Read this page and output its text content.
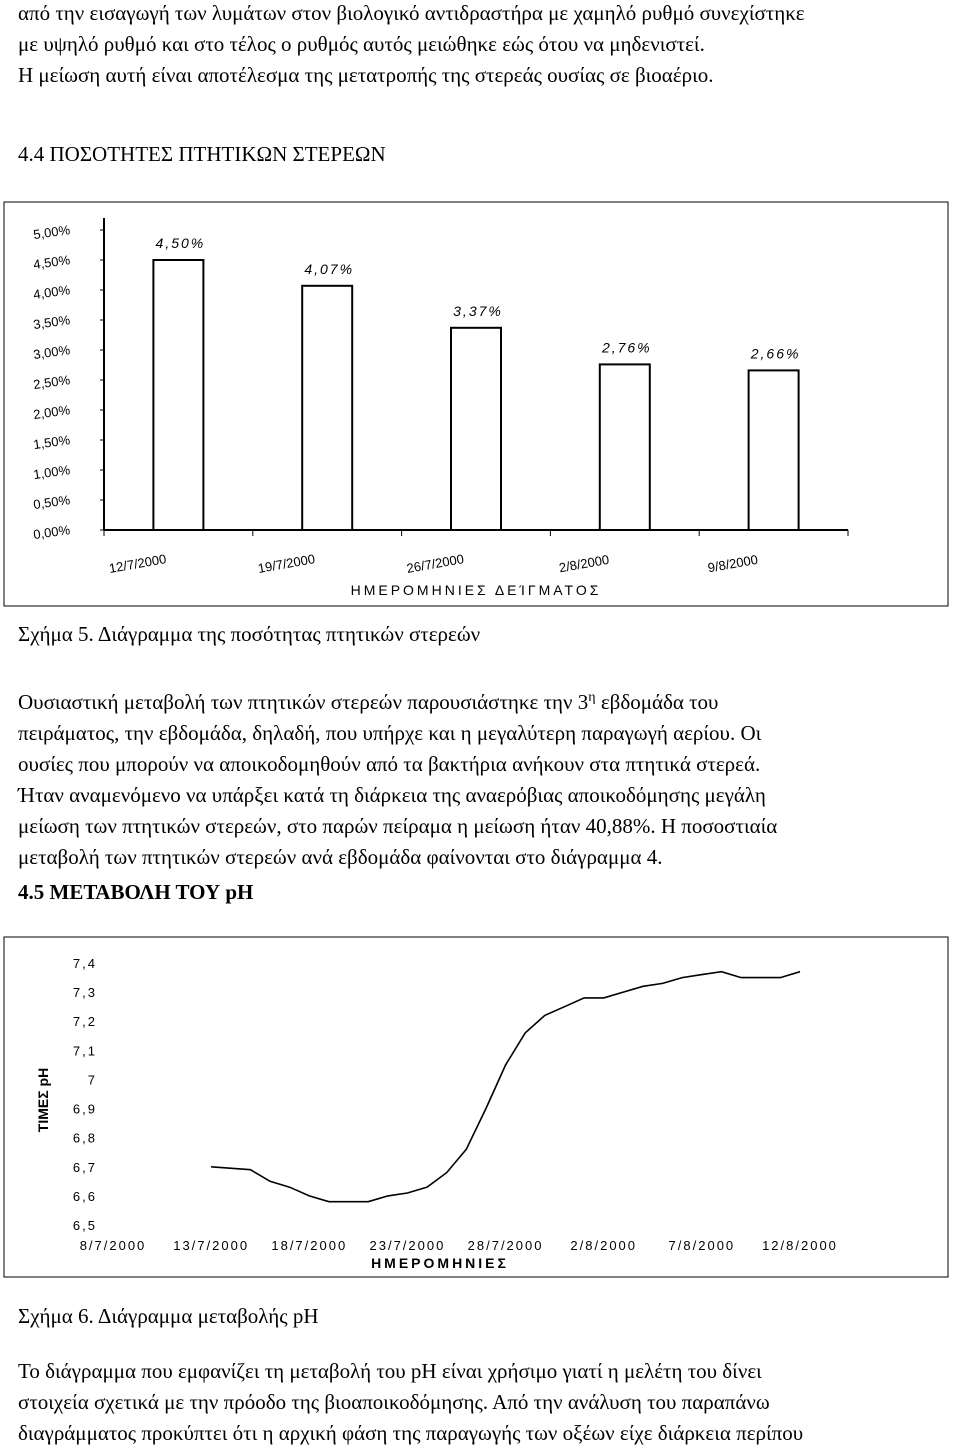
από την εισαγωγή των λυμάτων στον βιολογικό αντιδραστήρα με χαμηλό ρυθμό συνεχίστηκε
με υψηλό ρυθμό και στο τέλος ο ρυθμός αυτός μειώθηκε εώς ότου να μηδενιστεί.

Η μείωση αυτή είναι αποτέλεσμα της μετατροπής της στερεάς ουσίας σε βιοαέριο.

4.4 ΠΟΣΟΤΗΤΕΣ ΠΤΗΤΙΚΩΝ ΣΤΕΡΕΩΝ
0,00%
0,50%
1,00%
1,50%
2,00%
2,50%
3,00%
3,50%
4,00%
4,50%
5,00%
4,50%
4,07%
3,37%
2,76%	2,66%
12/7/2000	19/7/2000	26/7/2000	2/8/2000	9/8/2000
ΗΜΕΡΟΜΗΝΙΕΣ ΔΕΊΓΜΑΤΟΣ
Σχήμα 5. Διάγραμμα της ποσότητας πτητικών στερεών

Ουσιαστική μεταβολή των πτητικών στερεών παρουσιάστηκε την $3^\eta$ εβδομάδα του
πειράματος, την εβδομάδα, δηλαδή, που υπήρχε και η μεγαλύτερη παραγωγή αερίου. Οι
ουσίες που μπορούν να αποικοδομηθούν από τα βακτήρια ανήκουν στα πτητικά στερεά.
Ήταν αναμενόμενο να υπάρξει κατά τη διάρκεια της αναερόβιας αποικοδόμησης μεγάλη
μείωση των πτητικών στερεών, στο παρών πείραμα η μείωση ήταν 40,88%. Η ποσοστιαία
μεταβολή των πτητικών στερεών ανά εβδομάδα φαίνονται στο διάγραμμα 4.

4.5 ΜΕΤΑΒΟΛΗ ΤΟΥ pH
6,5
6,6
6,7
6,8
6,9
7
7,1
7,2
7,3
7,4
8/7/2000 13/7/2000 18/7/2000 23/7/2000 28/7/2000 2/8/2000 7/8/2000 12/8/2000
ΤΙΜΕΣ pH
ΗΜΕΡΟΜΗΝΙΕΣ
Σχήμα 6. Διάγραμμα μεταβολής pH

Το διάγραμμα που εμφανίζει τη μεταβολή του pH είναι χρήσιμο γιατί η μελέτη του δίνει
στοιχεία σχετικά με την πρόοδο της βιοαποικοδόμησης. Από την ανάλυση του παραπάνω
διαγράμματος προκύπτει ότι η αρχική φάση της παραγωγής των οξέων είχε διάρκεια περίπου
